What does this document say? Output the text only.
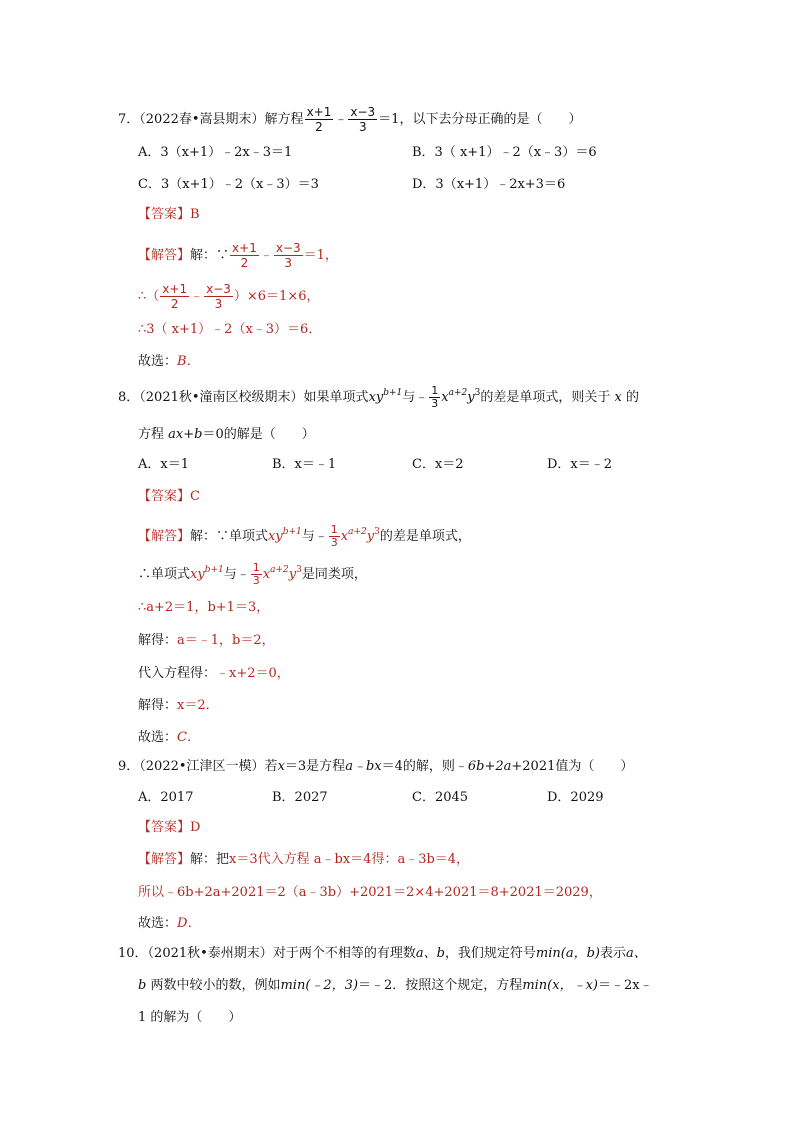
7．（2022春•嵩县期末）解方程 $\frac{x+1}{2}$ ﹣ $\frac{x-3}{3} =1$，以下去分母正确的是（　　）
A．3（x+1）﹣2x﹣3＝1	B．3（ x+1）﹣2（x﹣3）＝6
C．3（x+1）﹣2（x﹣3）＝3	D．3（x+1）﹣2x+3＝6
【答案】B
【解答】解：∵ $\frac{x+1}{2}$ ﹣ $\frac{x-3}{3} =1$，
∴（ $\frac{x+1}{2}$ ﹣ $\frac{x-3}{3} )\times 6=1\times 6$，
∴3（ x+1）﹣2（x﹣3）＝6．
故选：B．
8．（2021秋•潼南区校级期末）如果单项式$xy^{b+1}$与﹣ $\frac{1}{3} x^{a+2}y^3$的差是单项式，则关于 x 的
方程 ax+b＝0的解是（　　）
A．x＝1	B．x＝﹣1	C．x＝2	D．x＝﹣2
【答案】C
【解答】解：∵单项式$xy^{b+1}$与﹣ $\frac{1}{3} x^{a+2}y^3$的差是单项式，
∴单项式$xy^{b+1}$与﹣ $\frac{1}{3} x^{a+2}y^3$是同类项，
∴a+2＝1，b+1＝3，
解得：a＝﹣1，b＝2，
代入方程得：﹣x+2＝0，
解得：x＝2．
故选：C．
9．（2022•江津区一模）若x＝3是方程a﹣bx＝4的解，则﹣6b+2a+2021值为（　　）
A．2017	B．2027	C．2045	D．2029
【答案】D
【解答】解：把x＝3代入方程 a﹣bx＝4得：a﹣3b＝4，
所以﹣6b+2a+2021＝2（a﹣3b）+2021＝2×4+2021＝8+2021＝2029，
故选：D．
10．（2021秋•泰州期末）对于两个不相等的有理数a、b，我们规定符号min(a，b)表示a、
b 两数中较小的数，例如min(﹣2，3)＝﹣2．按照这个规定，方程min(x，﹣x)＝﹣2x﹣
1 的解为（　　）
